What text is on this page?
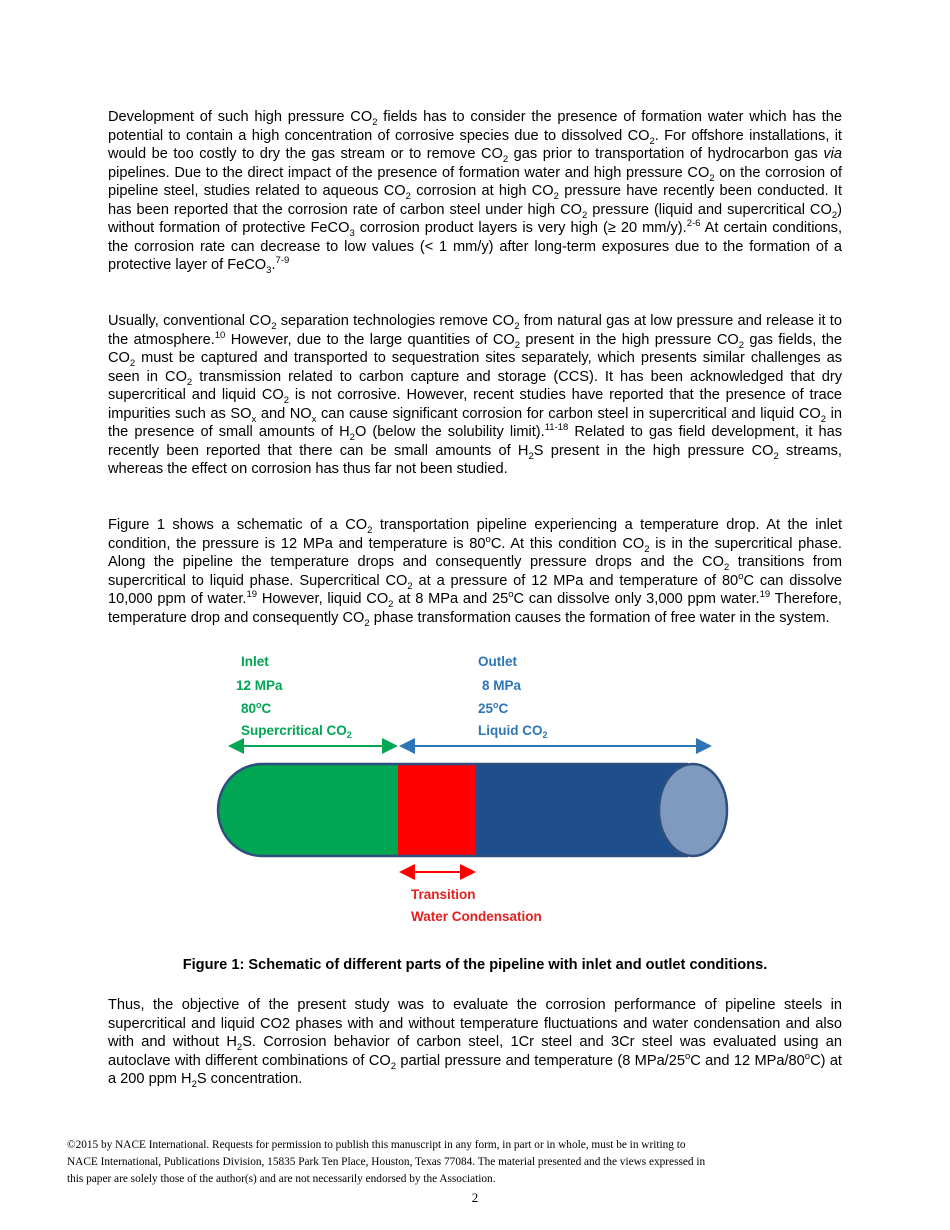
Development of such high pressure $CO_2$ fields has to consider the presence of formation water which has the potential to contain a high concentration of corrosive species due to dissolved $CO_2$. For offshore installations, it would be too costly to dry the gas stream or to remove $CO_2$ gas prior to transportation of hydrocarbon gas via pipelines. Due to the direct impact of the presence of formation water and high pressure $CO_2$ on the corrosion of pipeline steel, studies related to aqueous $CO_2$ corrosion at high $CO_2$ pressure have recently been conducted. It has been reported that the corrosion rate of carbon steel under high $CO_2$ pressure (liquid and supercritical $CO_2$) without formation of protective FeCO$_3$ corrosion product layers is very high (≥ 20 mm/y).$^{2-6}$ At certain conditions, the corrosion rate can decrease to low values (< 1 mm/y) after long-term exposures due to the formation of a protective layer of FeCO$_3$.$^{7-9}$

Usually, conventional $CO_2$ separation technologies remove $CO_2$ from natural gas at low pressure and release it to the atmosphere.$^{10}$ However, due to the large quantities of $CO_2$ present in the high pressure $CO_2$ gas fields, the $CO_2$ must be captured and transported to sequestration sites separately, which presents similar challenges as seen in $CO_2$ transmission related to carbon capture and storage (CCS). It has been acknowledged that dry supercritical and liquid $CO_2$ is not corrosive. However, recent studies have reported that the presence of trace impurities such as $SO_x$ and $NO_x$ can cause significant corrosion for carbon steel in supercritical and liquid $CO_2$ in the presence of small amounts of $H_2O$ (below the solubility limit).$^{11-18}$ Related to gas field development, it has recently been reported that there can be small amounts of $H_2S$ present in the high pressure $CO_2$ streams, whereas the effect on corrosion has thus far not been studied.

Figure 1 shows a schematic of a $CO_2$ transportation pipeline experiencing a temperature drop. At the inlet condition, the pressure is 12 MPa and temperature is 80$^o$C. At this condition $CO_2$ is in the supercritical phase. Along the pipeline the temperature drops and consequently pressure drops and the $CO_2$ transitions from supercritical to liquid phase. Supercritical $CO_2$ at a pressure of 12 MPa and temperature of 80$^o$C can dissolve 10,000 ppm of water.$^{19}$ However, liquid $CO_2$ at 8 MPa and 25$^o$C can dissolve only 3,000 ppm water.$^{19}$ Therefore, temperature drop and consequently $CO_2$ phase transformation causes the formation of free water in the system.

Inlet
12 MPa
80$^o$C
Supercritical $CO_2$
Outlet
8 MPa
25$^o$C
Liquid $CO_2$
Transition
Water Condensation
Figure 1: Schematic of different parts of the pipeline with inlet and outlet conditions.

Thus, the objective of the present study was to evaluate the corrosion performance of pipeline steels in supercritical and liquid CO2 phases with and without temperature fluctuations and water condensation and also with and without $H_2S$. Corrosion behavior of carbon steel, 1Cr steel and 3Cr steel was evaluated using an autoclave with different combinations of $CO_2$ partial pressure and temperature (8 MPa/25$^o$C and 12 MPa/80$^o$C) at a 200 ppm $H_2S$ concentration.

©2015 by NACE International. Requests for permission to publish this manuscript in any form, in part or in whole, must be in writing to
NACE International, Publications Division, 15835 Park Ten Place, Houston, Texas 77084. The material presented and the views expressed in
this paper are solely those of the author(s) and are not necessarily endorsed by the Association.
2
